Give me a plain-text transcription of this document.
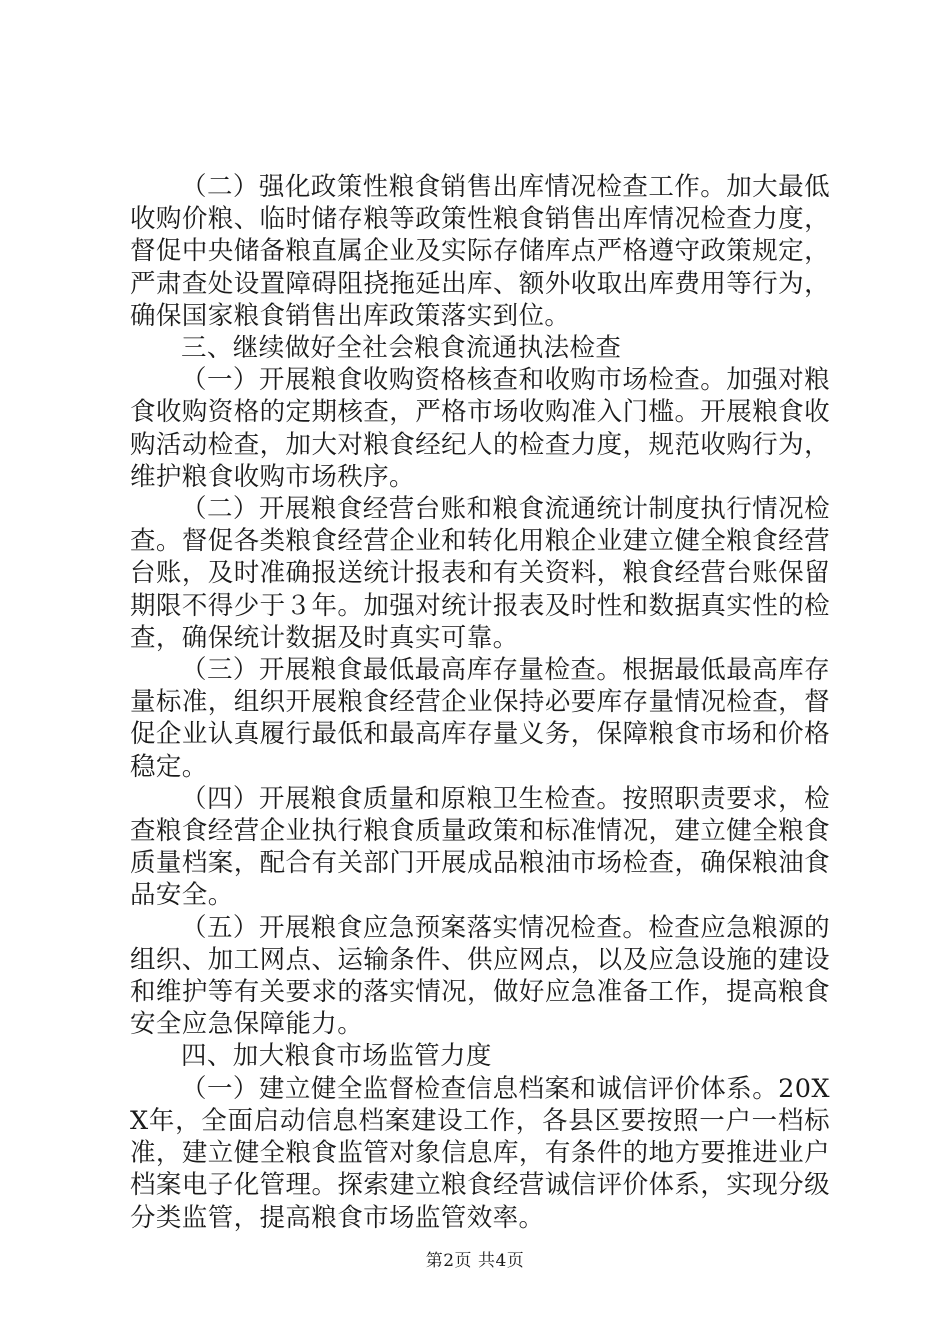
（二）强化政策性粮食销售出库情况检查工作。加大最低收购价粮、临时储存粮等政策性粮食销售出库情况检查力度，督促中央储备粮直属企业及实际存储库点严格遵守政策规定，严肃查处设置障碍阻挠拖延出库、额外收取出库费用等行为，确保国家粮食销售出库政策落实到位。

三、继续做好全社会粮食流通执法检查

（一）开展粮食收购资格核查和收购市场检查。加强对粮食收购资格的定期核查，严格市场收购准入门槛。开展粮食收购活动检查，加大对粮食经纪人的检查力度，规范收购行为，维护粮食收购市场秩序。

（二）开展粮食经营台账和粮食流通统计制度执行情况检查。督促各类粮食经营企业和转化用粮企业建立健全粮食经营台账，及时准确报送统计报表和有关资料，粮食经营台账保留期限不得少于３年。加强对统计报表及时性和数据真实性的检查，确保统计数据及时真实可靠。

（三）开展粮食最低最高库存量检查。根据最低最高库存量标准，组织开展粮食经营企业保持必要库存量情况检查，督促企业认真履行最低和最高库存量义务，保障粮食市场和价格稳定。

（四）开展粮食质量和原粮卫生检查。按照职责要求，检查粮食经营企业执行粮食质量政策和标准情况，建立健全粮食质量档案，配合有关部门开展成品粮油市场检查，确保粮油食品安全。

（五）开展粮食应急预案落实情况检查。检查应急粮源的组织、加工网点、运输条件、供应网点，以及应急设施的建设和维护等有关要求的落实情况，做好应急准备工作，提高粮食安全应急保障能力。

四、加大粮食市场监管力度

（一）建立健全监督检查信息档案和诚信评价体系。20XX年，全面启动信息档案建设工作，各县区要按照一户一档标准，建立健全粮食监管对象信息库，有条件的地方要推进业户档案电子化管理。探索建立粮食经营诚信评价体系，实现分级分类监管，提高粮食市场监管效率。

第2页 共4页
